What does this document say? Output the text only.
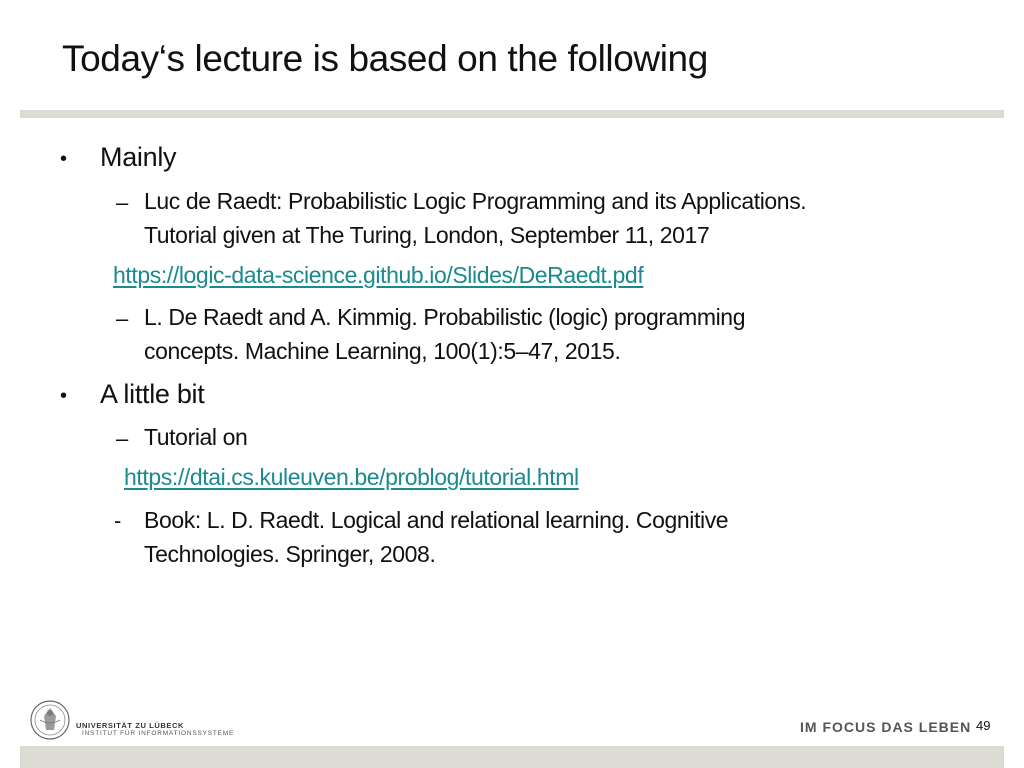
Today‘s lecture is based on the following
• Mainly
– Luc de Raedt: Probabilistic Logic Programming and its Applications.
Tutorial given at The Turing, London, September 11, 2017
https://logic-data-science.github.io/Slides/DeRaedt.pdf
– L. De Raedt and A. Kimmig. Probabilistic (logic) programming
concepts. Machine Learning, 100(1):5–47, 2015.
• A little bit
– Tutorial on
https://dtai.cs.kuleuven.be/problog/tutorial.html
- Book: L. D. Raedt. Logical and relational learning. Cognitive
Technologies. Springer, 2008.
UNIVERSITÄT ZU LÜBECK
INSTITUT FÜR INFORMATIONSSYSTEME	IM FOCUS DAS LEBEN 49
